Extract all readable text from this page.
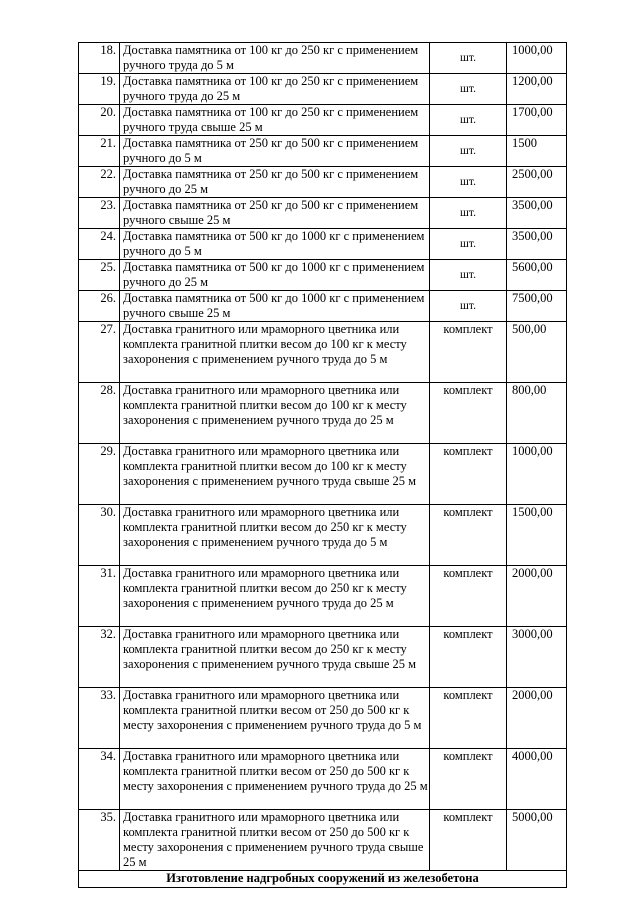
18.	Доставка памятника от 100 кг до 250 кг с применением ручного труда до 5 м	шт.	1000,00
19.	Доставка памятника от 100 кг до 250 кг с применением ручного труда до 25 м	шт.	1200,00
20.	Доставка памятника от 100 кг до 250 кг с применением ручного труда свыше 25 м	шт.	1700,00
21.	Доставка памятника от 250 кг до 500 кг с применением ручного до 5 м	шт.	1500
22.	Доставка памятника от 250 кг до 500 кг с применением ручного до 25 м	шт.	2500,00
23.	Доставка памятника от 250 кг до 500 кг с применением ручного свыше 25 м	шт.	3500,00
24.	Доставка памятника от 500 кг до 1000 кг с применением ручного до 5 м	шт.	3500,00
25.	Доставка памятника от 500 кг до 1000 кг с применением ручного до 25 м	шт.	5600,00
26.	Доставка памятника от 500 кг до 1000 кг с применением ручного свыше 25 м	шт.	7500,00
27.	Доставка гранитного или мраморного цветника или комплекта гранитной плитки весом до 100 кг к месту захоронения с применением ручного труда до 5 м	комплект	500,00
28.	Доставка гранитного или мраморного цветника или комплекта гранитной плитки весом до 100 кг к месту захоронения с применением ручного труда до 25 м	комплект	800,00
29.	Доставка гранитного или мраморного цветника или комплекта гранитной плитки весом до 100 кг к месту захоронения с применением ручного труда свыше 25 м	комплект	1000,00
30.	Доставка гранитного или мраморного цветника или комплекта гранитной плитки весом до 250 кг к месту захоронения с применением ручного труда до 5 м	комплект	1500,00
31.	Доставка гранитного или мраморного цветника или комплекта гранитной плитки весом до 250 кг к месту захоронения с применением ручного труда до 25 м	комплект	2000,00
32.	Доставка гранитного или мраморного цветника или комплекта гранитной плитки весом до 250 кг к месту захоронения с применением ручного труда свыше 25 м	комплект	3000,00
33.	Доставка гранитного или мраморного цветника или комплекта гранитной плитки весом от 250 до 500 кг к месту захоронения с применением ручного труда до 5 м	комплект	2000,00
34.	Доставка гранитного или мраморного цветника или комплекта гранитной плитки весом от 250 до 500 кг к месту захоронения с применением ручного труда до 25 м	комплект	4000,00
35.	Доставка гранитного или мраморного цветника или комплекта гранитной плитки весом от 250 до 500 кг к месту захоронения с применением ручного труда свыше 25 м	комплект	5000,00
Изготовление надгробных сооружений из железобетона			
